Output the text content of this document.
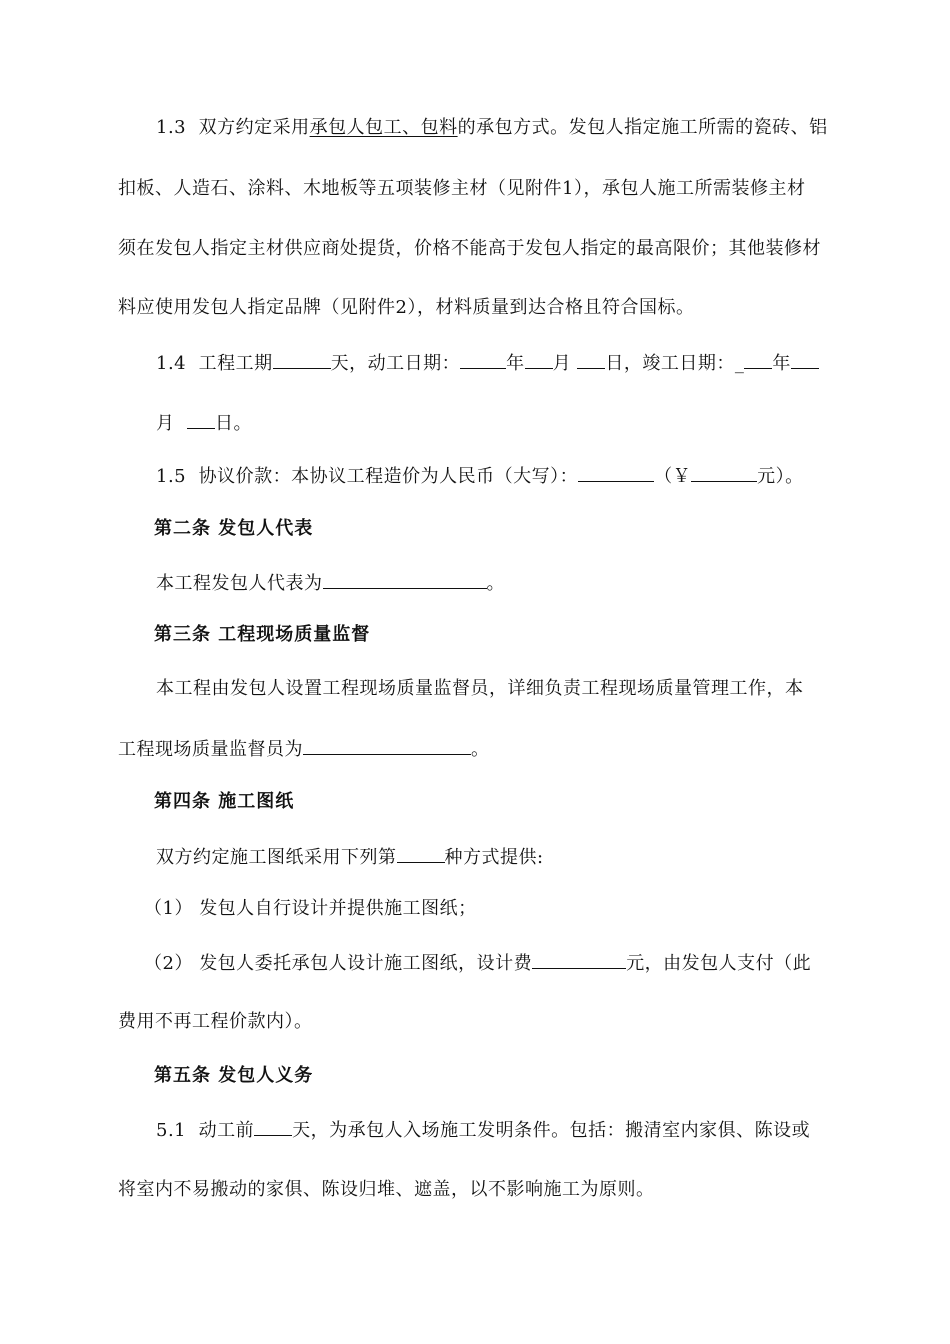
1.3 双方约定采用承包人包工、包料的承包方式。发包人指定施工所需的瓷砖、铝
扣板、人造石、涂料、木地板等五项装修主材（见附件1），承包人施工所需装修主材
须在发包人指定主材供应商处提货，价格不能高于发包人指定的最高限价；其他装修材
料应使用发包人指定品牌（见附件2），材料质量到达合格且符合国标。
1.4 工程工期	天，动工日期：	年 月 日，竣工日期：_ 年
月 日。
1.5 协议价款：本协议工程造价为人民币（大写）：	（￥	元）。
第二条 发包人代表
本工程发包人代表为	。
第三条 工程现场质量监督
本工程由发包人设置工程现场质量监督员，详细负责工程现场质量管理工作，本
工程现场质量监督员为	。
第四条 施工图纸
双方约定施工图纸采用下列第	种方式提供:
（1） 发包人自行设计并提供施工图纸；
（2） 发包人委托承包人设计施工图纸，设计费	元，由发包人支付（此
费用不再工程价款内）。
第五条 发包人义务
5.1 动工前 天，为承包人入场施工发明条件。包括：搬清室内家俱、陈设或
将室内不易搬动的家俱、陈设归堆、遮盖，以不影响施工为原则。
